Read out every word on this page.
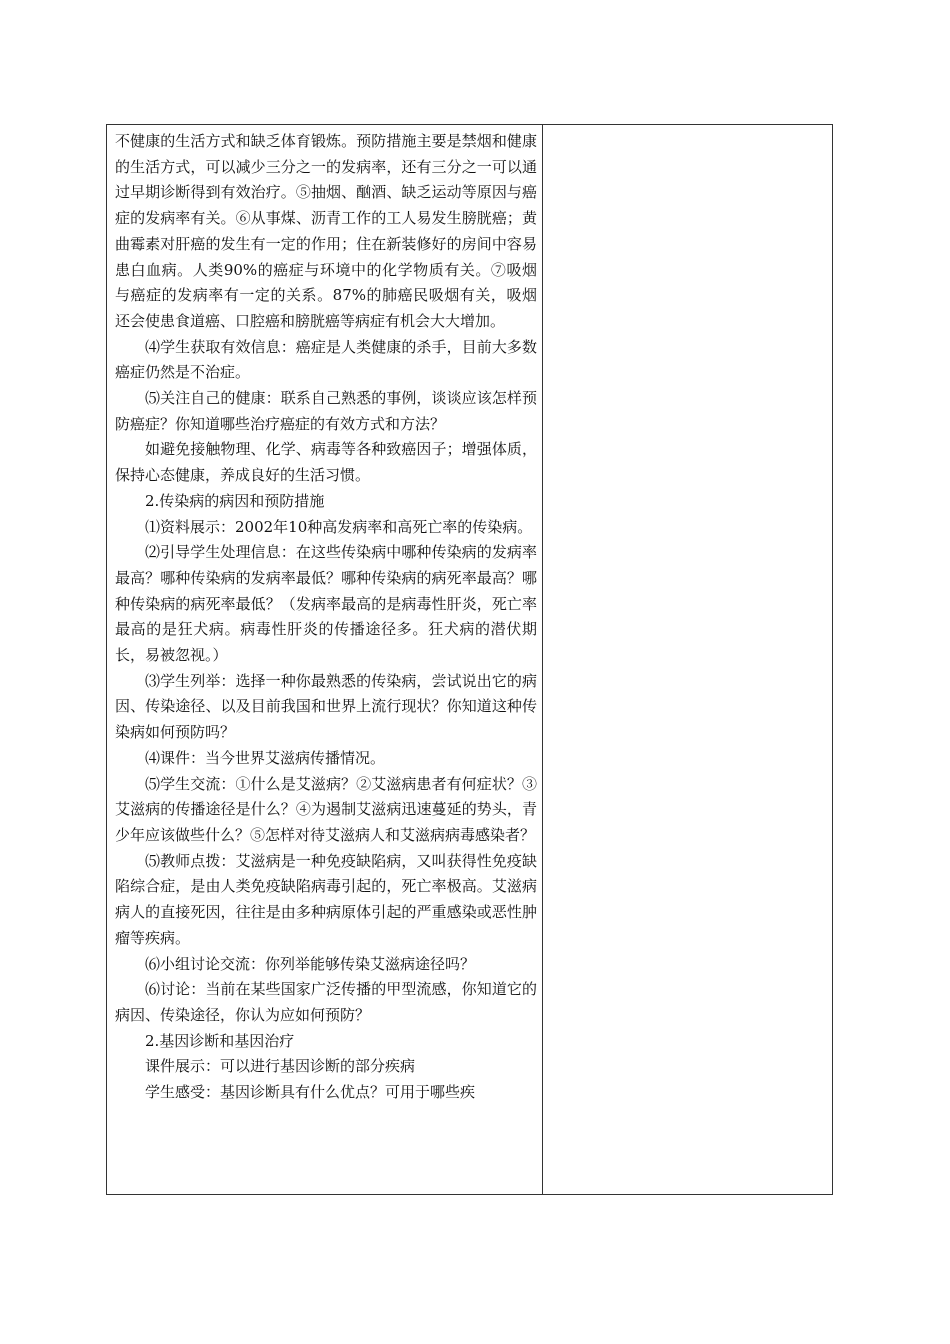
不健康的生活方式和缺乏体育锻炼。预防措施主要是禁烟和健康的生活方式，可以减少三分之一的发病率，还有三分之一可以通过早期诊断得到有效治疗。⑤抽烟、酗酒、缺乏运动等原因与癌症的发病率有关。⑥从事煤、沥青工作的工人易发生膀胱癌；黄曲霉素对肝癌的发生有一定的作用；住在新装修好的房间中容易患白血病。人类90%的癌症与环境中的化学物质有关。⑦吸烟与癌症的发病率有一定的关系。87%的肺癌民吸烟有关，吸烟还会使患食道癌、口腔癌和膀胱癌等病症有机会大大增加。

⑷学生获取有效信息：癌症是人类健康的杀手，目前大多数癌症仍然是不治症。

⑸关注自己的健康：联系自己熟悉的事例，谈谈应该怎样预防癌症？你知道哪些治疗癌症的有效方式和方法？

如避免接触物理、化学、病毒等各种致癌因子；增强体质，保持心态健康，养成良好的生活习惯。

2.传染病的病因和预防措施

⑴资料展示：2002年10种高发病率和高死亡率的传染病。

⑵引导学生处理信息：在这些传染病中哪种传染病的发病率最高？哪种传染病的发病率最低？哪种传染病的病死率最高？哪种传染病的病死率最低？（发病率最高的是病毒性肝炎，死亡率最高的是狂犬病。病毒性肝炎的传播途径多。狂犬病的潜伏期长，易被忽视。）

⑶学生列举：选择一种你最熟悉的传染病，尝试说出它的病因、传染途径、以及目前我国和世界上流行现状？你知道这种传染病如何预防吗？

⑷课件：当今世界艾滋病传播情况。

⑸学生交流：①什么是艾滋病？②艾滋病患者有何症状？③艾滋病的传播途径是什么？④为遏制艾滋病迅速蔓延的势头，青少年应该做些什么？⑤怎样对待艾滋病人和艾滋病病毒感染者？

⑸教师点拨：艾滋病是一种免疫缺陷病，又叫获得性免疫缺陷综合症，是由人类免疫缺陷病毒引起的，死亡率极高。艾滋病病人的直接死因，往往是由多种病原体引起的严重感染或恶性肿瘤等疾病。

⑹小组讨论交流：你列举能够传染艾滋病途径吗？

⑹讨论：当前在某些国家广泛传播的甲型流感，你知道它的病因、传染途径，你认为应如何预防？

2.基因诊断和基因治疗

课件展示：可以进行基因诊断的部分疾病

学生感受：基因诊断具有什么优点？可用于哪些疾
